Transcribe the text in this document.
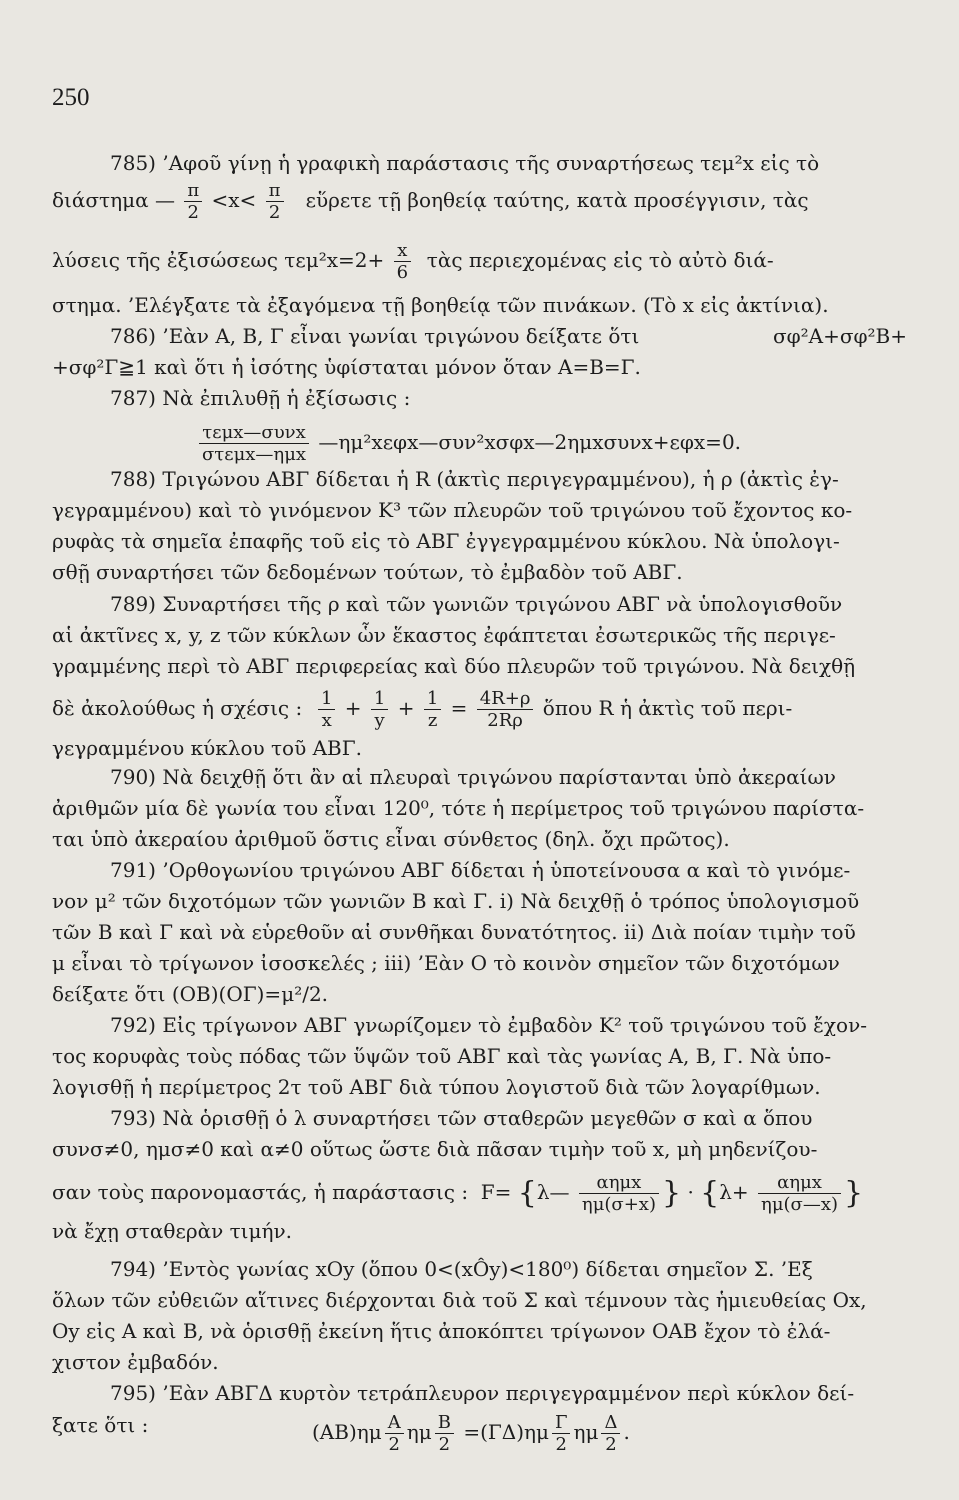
250
785) ’Αφοῦ γίνῃ ἡ γραφικὴ παράστασις τῆς συναρτήσεως τεμ²x εἰς τὸ
διάστημα — $\frac{\pi}{2} <x< \frac{\pi}{2}$ εὕρετε τῇ βοηθείᾳ ταύτης, κατὰ προσέγγισιν, τὰς
λύσεις τῆς ἐξισώσεως $\tau\varepsilon\mu^2x=2+ \frac{x}{6}$ τὰς περιεχομένας εἰς τὸ αὐτὸ διά-
στημα. ’Ελέγξατε τὰ ἐξαγόμενα τῇ βοηθείᾳ τῶν πινάκων. (Τὸ x εἰς ἀκτίνια).
786) ’Εὰν Α, Β, Γ εἶναι γωνίαι τριγώνου δείξατε ὅτι	σφ²Α+σφ²Β+
+σφ²Γ≧1 καὶ ὅτι ἡ ἰσότης ὑφίσταται μόνον ὅταν Α=Β=Γ.
787) Νὰ ἐπιλυθῇ ἡ ἐξίσωσις :
$\frac{\text{τεμx—συνx}}{\text{στεμx—ημx}}$ —ημ²xεφx—συν²xσφx—2ημxσυνx+εφx=0.
788) Τριγώνου ΑΒΓ δίδεται ἡ R (ἀκτὶς περιγεγραμμένου), ἡ ρ (ἀκτὶς ἐγ-
γεγραμμένου) καὶ τὸ γινόμενον Κ³ τῶν πλευρῶν τοῦ τριγώνου τοῦ ἔχοντος κο-
ρυφὰς τὰ σημεῖα ἐπαφῆς τοῦ εἰς τὸ ΑΒΓ ἐγγεγραμμένου κύκλου. Νὰ ὑπολογι-
σθῇ συναρτήσει τῶν δεδομένων τούτων, τὸ ἐμβαδὸν τοῦ ΑΒΓ.
789) Συναρτήσει τῆς ρ καὶ τῶν γωνιῶν τριγώνου ΑΒΓ νὰ ὑπολογισθοῦν
αἱ ἀκτῖνες x, y, z τῶν κύκλων ὧν ἕκαστος ἐφάπτεται ἐσωτερικῶς τῆς περιγε-
γραμμένης περὶ τὸ ΑΒΓ περιφερείας καὶ δύο πλευρῶν τοῦ τριγώνου. Νὰ δειχθῇ
δὲ ἀκολούθως ἡ σχέσις : $\frac{1}{x} + \frac{1}{y} + \frac{1}{z} = \frac{4R+\rho}{2R\rho}$ ὅπου R ἡ ἀκτὶς τοῦ περι-
γεγραμμένου κύκλου τοῦ ΑΒΓ.
790) Νὰ δειχθῇ ὅτι ἂν αἱ πλευραὶ τριγώνου παρίστανται ὑπὸ ἀκεραίων
ἀριθμῶν μία δὲ γωνία του εἶναι 120⁰, τότε ἡ περίμετρος τοῦ τριγώνου παρίστα-
ται ὑπὸ ἀκεραίου ἀριθμοῦ ὅστις εἶναι σύνθετος (δηλ. ὄχι πρῶτος).
791) ’Ορθογωνίου τριγώνου ΑΒΓ δίδεται ἡ ὑποτείνουσα α καὶ τὸ γινόμε-
νον μ² τῶν διχοτόμων τῶν γωνιῶν Β καὶ Γ. i) Νὰ δειχθῇ ὁ τρόπος ὑπολογισμοῦ
τῶν Β καὶ Γ καὶ νὰ εὑρεθοῦν αἱ συνθῆκαι δυνατότητος. ii) Διὰ ποίαν τιμὴν τοῦ
μ εἶναι τὸ τρίγωνον ἰσοσκελές ; iii) ’Εὰν Ο τὸ κοινὸν σημεῖον τῶν διχοτόμων
δείξατε ὅτι (ΟΒ)(ΟΓ)=μ²/2.
792) Εἰς τρίγωνον ΑΒΓ γνωρίζομεν τὸ ἐμβαδὸν Κ² τοῦ τριγώνου τοῦ ἔχον-
τος κορυφὰς τοὺς πόδας τῶν ὕψῶν τοῦ ΑΒΓ καὶ τὰς γωνίας Α, Β, Γ. Νὰ ὑπο-
λογισθῇ ἡ περίμετρος 2τ τοῦ ΑΒΓ διὰ τύπου λογιστοῦ διὰ τῶν λογαρίθμων.
793) Νὰ ὁρισθῇ ὁ λ συναρτήσει τῶν σταθερῶν μεγεθῶν σ καὶ α ὅπου
συνσ≠0, ημσ≠0 καὶ α≠0 οὕτως ὥστε διὰ πᾶσαν τιμὴν τοῦ x, μὴ μηδενίζου-
σαν τοὺς παρονομαστάς, ἡ παράστασις : F= {λ— $\frac{\text{αημx}}{\eta\mu(\sigma+x)}$ } · {$\lambda+ \frac{\text{αημx}}{\eta\mu(\sigma—x)}$ }
νὰ ἔχῃ σταθερὰν τιμήν.
794) ’Εντὸς γωνίας xOy (ὅπου 0<(xÔy)<180⁰) δίδεται σημεῖον Σ. ’Εξ
ὅλων τῶν εὐθειῶν αἵτινες διέρχονται διὰ τοῦ Σ καὶ τέμνουν τὰς ἡμιευθείας Οx,
Οy εἰς Α καὶ Β, νὰ ὁρισθῇ ἐκείνη ἥτις ἀποκόπτει τρίγωνον ΟΑΒ ἔχον τὸ ἐλά-
χιστον ἐμβαδόν.
795) ’Εὰν ΑΒΓΔ κυρτὸν τετράπλευρον περιγεγραμμένον περὶ κύκλον δεί-
ξατε ὅτι :	$(AB)\eta\mu \frac{A}{2}$ ημ $\frac{B}{2} =(\Gamma\Delta)\eta\mu \frac{\Gamma}{2}$ ημ $\frac{\Delta}{2}$ .
